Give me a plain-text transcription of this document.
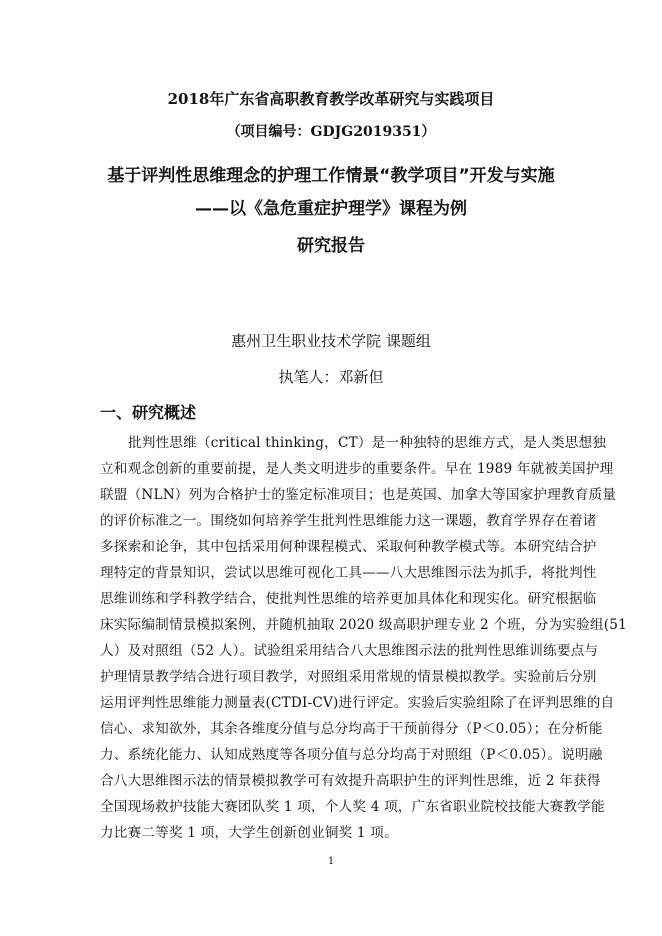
2018年广东省高职教育教学改革研究与实践项目
（项目编号：GDJG2019351）
基于评判性思维理念的护理工作情景“教学项目”开发与实施
——以《急危重症护理学》课程为例
研究报告
惠州卫生职业技术学院 课题组
执笔人：邓新但
一、研究概述
批判性思维（critical thinking，CT）是一种独特的思维方式，是人类思想独
立和观念创新的重要前提，是人类文明进步的重要条件。早在 1989 年就被美国护理
联盟（NLN）列为合格护士的鉴定标准项目；也是英国、加拿大等国家护理教育质量
的评价标准之一。围绕如何培养学生批判性思维能力这一课题，教育学界存在着诸
多探索和论争，其中包括采用何种课程模式、采取何种教学模式等。本研究结合护
理特定的背景知识，尝试以思维可视化工具——八大思维图示法为抓手，将批判性
思维训练和学科教学结合，使批判性思维的培养更加具体化和现实化。研究根据临
床实际编制情景模拟案例，并随机抽取 2020 级高职护理专业 2 个班，分为实验组(51
人）及对照组（52 人）。试验组采用结合八大思维图示法的批判性思维训练要点与
护理情景教学结合进行项目教学，对照组采用常规的情景模拟教学。实验前后分别
运用评判性思维能力测量表(CTDI-CV)进行评定。实验后实验组除了在评判思维的自
信心、求知欲外，其余各维度分值与总分均高于干预前得分（P＜0.05）；在分析能
力、系统化能力、认知成熟度等各项分值与总分均高于对照组（P＜0.05）。说明融
合八大思维图示法的情景模拟教学可有效提升高职护生的评判性思维，近 2 年获得
全国现场救护技能大赛团队奖 1 项，个人奖 4 项，广东省职业院校技能大赛教学能
力比赛二等奖 1 项，大学生创新创业铜奖 1 项。
1
